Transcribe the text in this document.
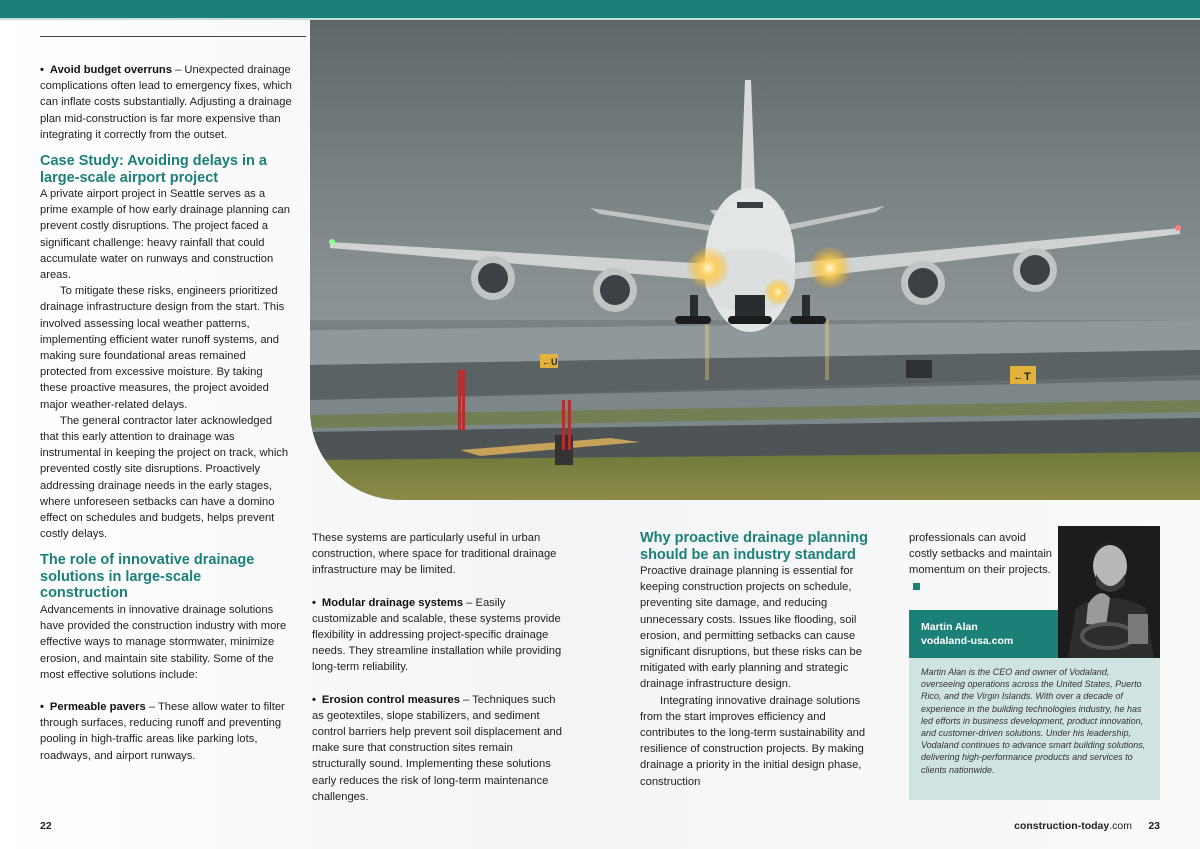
←U
←T

• Avoid budget overruns – Unexpected drainage complications often lead to emergency fixes, which can inflate costs substantially. Adjusting a drainage plan mid-construction is far more expensive than integrating it correctly from the outset.

Case Study: Avoiding delays in a large-scale airport project

A private airport project in Seattle serves as a prime example of how early drainage planning can prevent costly disruptions. The project faced a significant challenge: heavy rainfall that could accumulate water on runways and construction areas.

To mitigate these risks, engineers prioritized drainage infrastructure design from the start. This involved assessing local weather patterns, implementing efficient water runoff systems, and making sure foundational areas remained protected from excessive moisture. By taking these proactive measures, the project avoided major weather-related delays.

The general contractor later acknowledged that this early attention to drainage was instrumental in keeping the project on track, which prevented costly site disruptions. Proactively addressing drainage needs in the early stages, where unforeseen setbacks can have a domino effect on schedules and budgets, helps prevent costly delays.

The role of innovative drainage solutions in large-scale construction

Advancements in innovative drainage solutions have provided the construction industry with more effective ways to manage stormwater, minimize erosion, and maintain site stability. Some of the most effective solutions include:

• Permeable pavers – These allow water to filter through surfaces, reducing runoff and preventing pooling in high-traffic areas like parking lots, roadways, and airport runways.

These systems are particularly useful in urban construction, where space for traditional drainage infrastructure may be limited.

• Modular drainage systems – Easily customizable and scalable, these systems provide flexibility in addressing project-specific drainage needs. They streamline installation while providing long-term reliability.

• Erosion control measures – Techniques such as geotextiles, slope stabilizers, and sediment control barriers help prevent soil displacement and make sure that construction sites remain structurally sound. Implementing these solutions early reduces the risk of long-term maintenance challenges.

Why proactive drainage planning should be an industry standard

Proactive drainage planning is essential for keeping construction projects on schedule, preventing site damage, and reducing unnecessary costs. Issues like flooding, soil erosion, and permitting setbacks can cause significant disruptions, but these risks can be mitigated with early planning and strategic drainage infrastructure design.

Integrating innovative drainage solutions from the start improves efficiency and contributes to the long-term sustainability and resilience of construction projects. By making drainage a priority in the initial design phase, construction

professionals can avoid costly setbacks and maintain momentum on their projects.

Martin Alan
vodaland-usa.com
Martin Alan is the CEO and owner of Vodaland, overseeing operations across the United States, Puerto Rico, and the Virgin Islands. With over a decade of experience in the building technologies industry, he has led efforts in business development, product innovation, and customer-driven solutions. Under his leadership, Vodaland continues to advance smart building solutions, delivering high-performance products and services to clients nationwide.
22	construction-today.com 23
